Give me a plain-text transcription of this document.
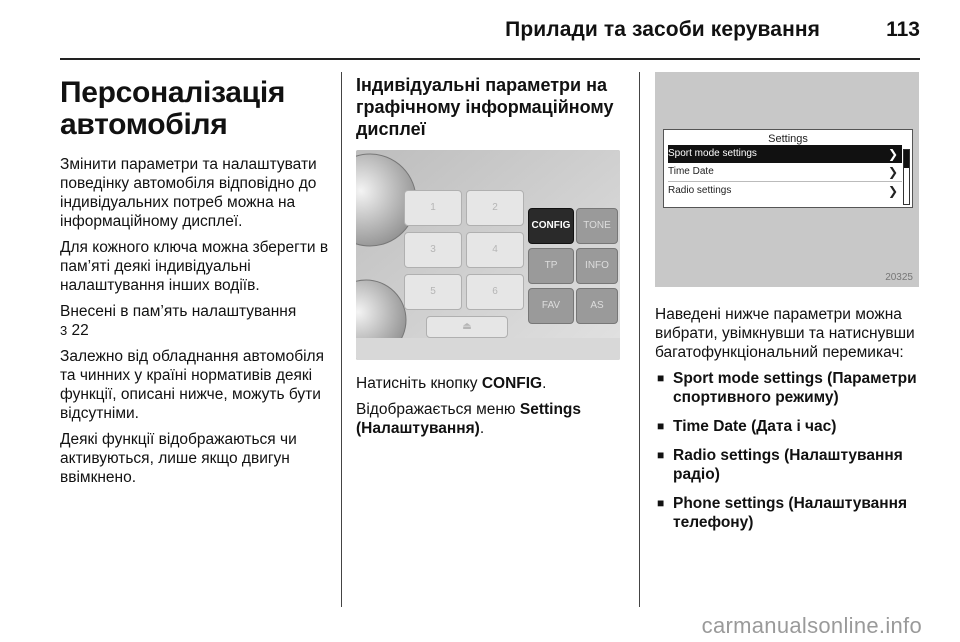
Прилади та засоби керування	113
Персоналізація автомобіля

Змінити параметри та налаштувати поведінку автомобіля відповідно до індивідуальних потреб можна на інформаційному дисплеї.

Для кожного ключа можна зберегти в пам’яті деякі індивідуальні налаштування інших водіїв.

Внесені в пам’ять налаштування
3 22

Залежно від обладнання автомобіля та чинних у країні нормативів деякі функції, описані нижче, можуть бути відсутніми.

Деякі функції відображаються чи активуються, лише якщо двигун ввімкнено.

Індивідуальні параметри на графічному інформаційному дисплеї
1	2
CONFIG	TONE
3	4
TP	INFO
5	6
FAV	AS
⏏

Натисніть кнопку CONFIG.

Відображається меню Settings (Налаштування).

Settings
Sport mode settings	❯
Time Date	❯
Radio settings	❯
20325

Наведені нижче параметри можна вибрати, увімкнувши та натиснувши багатофункціональний перемикач:

■ Sport mode settings (Параметри спортивного режиму)
■ Time Date (Дата і час)
■ Radio settings (Налаштування радіо)
■ Phone settings (Налаштування телефону)
carmanualsonline.info
